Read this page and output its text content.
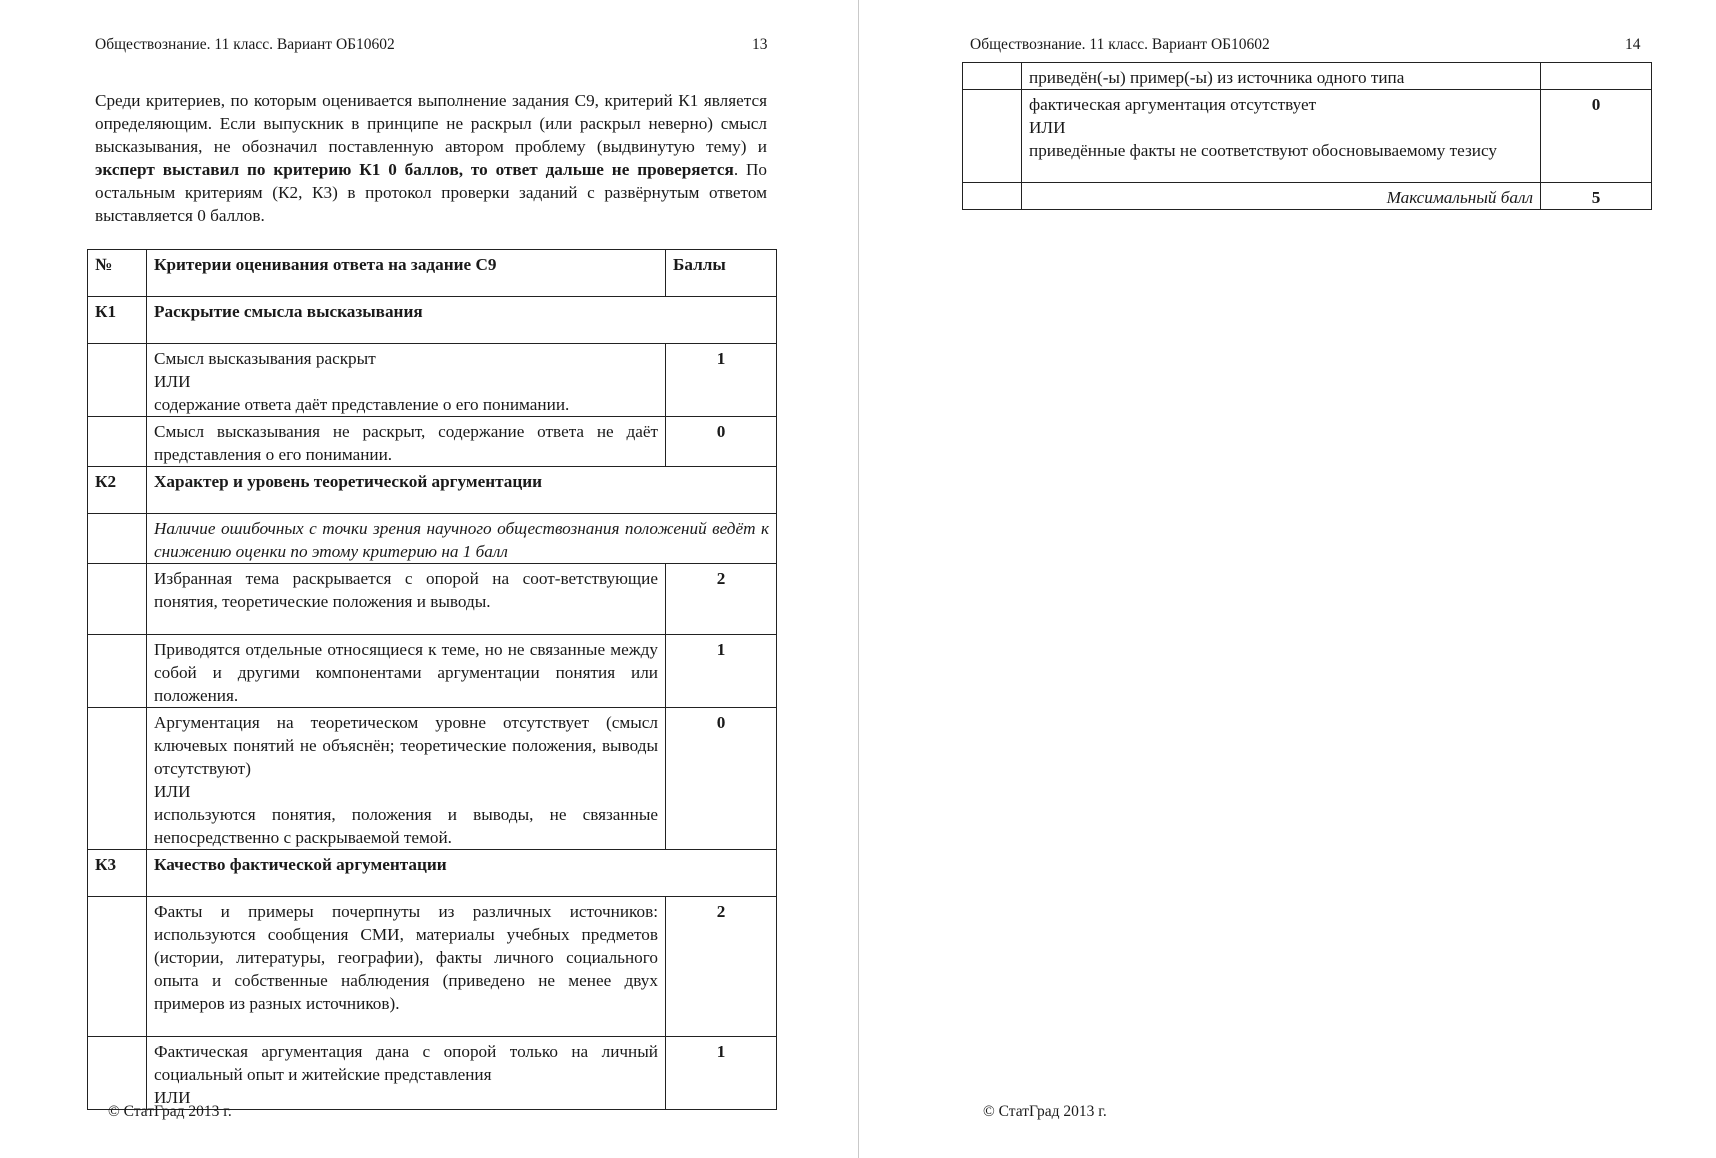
Обществознание. 11 класс. Вариант ОБ10602	13
Среди критериев, по которым оценивается выполнение задания С9, критерий К1 является определяющим. Если выпускник в принципе не раскрыл (или раскрыл неверно) смысл высказывания, не обозначил поставленную автором проблему (выдвинутую тему) и эксперт выставил по критерию К1 0 баллов, то ответ дальше не проверяется. По остальным критериям (К2, К3) в протокол проверки заданий с развёрнутым ответом выставляется 0 баллов.
№	Критерии оценивания ответа на задание С9	Баллы
К1	Раскрытие смысла высказывания	

	Смысл высказывания раскрыт
ИЛИ
содержание ответа даёт представление о его понимании.	1
	Смысл высказывания не раскрыт, содержание ответа не даёт представления о его понимании.	0
К2	Характер и уровень теоретической аргументации	
	Наличие ошибочных с точки зрения научного обществознания положений ведёт к снижению оценки по этому критерию на 1 балл	
	Избранная тема раскрывается с опорой на соот-ветствующие понятия, теоретические положения и выводы.	2
	Приводятся отдельные относящиеся к теме, но не связанные между собой и другими компонентами аргументации понятия или положения.	1

	Аргументация на теоретическом уровне отсутствует (смысл ключевых понятий не объяснён; теоретические положения, выводы отсутствуют)
ИЛИ
используются понятия, положения и выводы, не связанные непосредственно с раскрываемой темой.	0
К3	Качество фактической аргументации	
	Факты и примеры почерпнуты из различных источников: используются сообщения СМИ, материалы учебных предметов (истории, литературы, географии), факты личного социального опыта и собственные наблюдения (приведено не менее двух примеров из разных источников).	2

	Фактическая аргументация дана с опорой только на личный социальный опыт и житейские представления
ИЛИ	1
© СтатГрад 2013 г.
Обществознание. 11 класс. Вариант ОБ10602	14
	приведён(-ы) пример(-ы) из источника одного типа	

	фактическая аргументация отсутствует
ИЛИ
приведённые факты не соответствуют обосновываемому тезису	0
	Максимальный балл	5
© СтатГрад 2013 г.
